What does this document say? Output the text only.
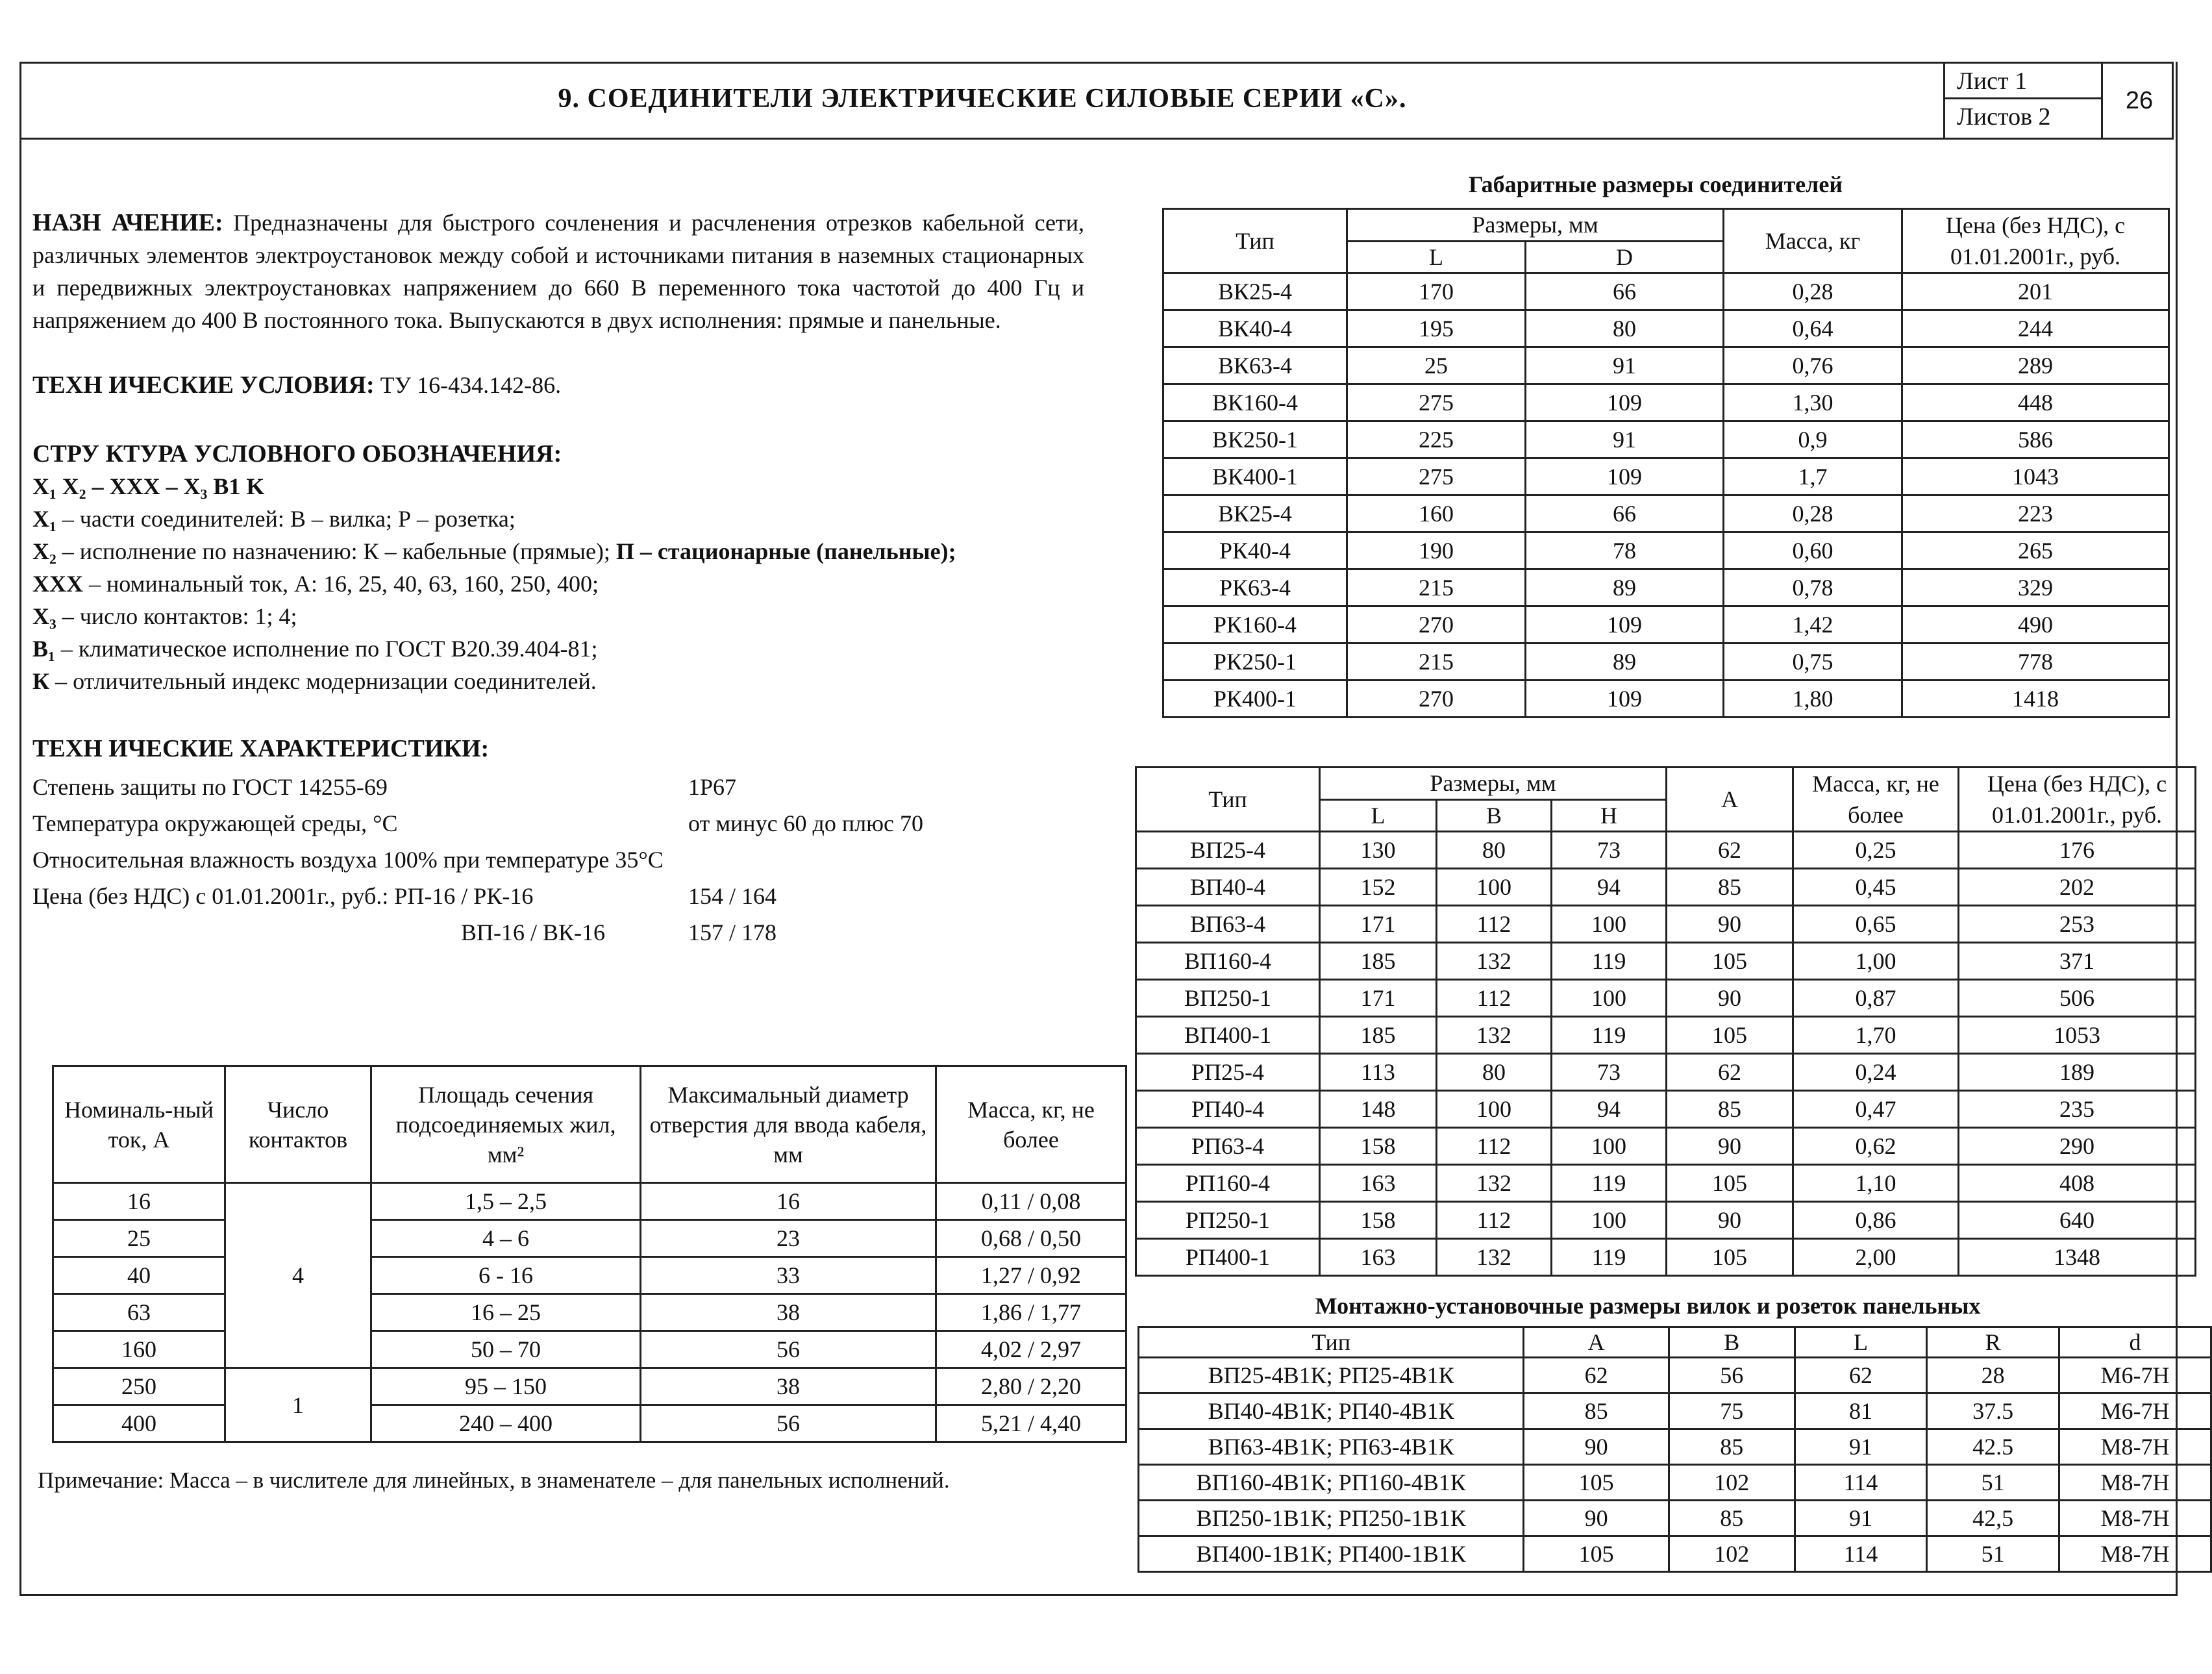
9. СОЕДИНИТЕЛИ ЭЛЕКТРИЧЕСКИЕ СИЛОВЫЕ СЕРИИ «С».
Лист 1
Листов 2
26
НАЗН АЧЕНИЕ: Предназначены для быстрого сочленения и расчленения отрезков кабельной сети, различных элементов электроустановок между собой и источниками питания в наземных стационарных и передвижных электроустановках напряжением до 660 В переменного тока частотой до 400 Гц и напряжением до 400 В постоянного тока. Выпускаются в двух исполнения: прямые и панельные.
ТЕХН ИЧЕСКИЕ УСЛОВИЯ: ТУ 16-434.142-86.
СТРУ КТУРА УСЛОВНОГО ОБОЗНАЧЕНИЯ:
X₁ X₂ – XXX – X₃ B1 K
X₁ – части соединителей: В – вилка; Р – розетка;
X₂ – исполнение по назначению: К – кабельные (прямые); П – стационарные (панельные);
XXX – номинальный ток, А: 16, 25, 40, 63, 160, 250, 400;
X₃ – число контактов: 1; 4;
B₁ – климатическое исполнение по ГОСТ В20.39.404-81;
К – отличительный индекс модернизации соединителей.
ТЕХН ИЧЕСКИЕ ХАРАКТЕРИСТИКИ:
Степень защиты по ГОСТ 14255-69	1Р67
Температура окружающей среды, °С	от минус 60 до плюс 70
Относительная влажность воздуха 100% при температуре 35°С
Цена (без НДС) с 01.01.2001г., руб.: РП-16 / РК-16	154 / 164
ВП-16 / ВК-16	157 / 178
Номиналь-ный ток, А	Число контактов	Площадь сечения подсоединяемых жил, мм²	Максимальный диаметр отверстия для ввода кабеля, мм	Масса, кг, не более
16	4	1,5 – 2,5	16	0,11 / 0,08
25		4 – 6	23	0,68 / 0,50
40		6 - 16	33	1,27 / 0,92
63		16 – 25	38	1,86 / 1,77
160		50 – 70	56	4,02 / 2,97
250	1	95 – 150	38	2,80 / 2,20
400		240 – 400	56	5,21 / 4,40
Примечание: Масса – в числителе для линейных, в знаменателе – для панельных исполнений.
Габаритные размеры соединителей
Тип	Размеры, мм		Масса, кг	Цена (без НДС), с 01.01.2001г., руб.
	L	D		
ВК25-4	170	66	0,28	201
ВК40-4	195	80	0,64	244
ВК63-4	25	91	0,76	289
ВК160-4	275	109	1,30	448
ВК250-1	225	91	0,9	586
ВК400-1	275	109	1,7	1043
ВК25-4	160	66	0,28	223
РК40-4	190	78	0,60	265
РК63-4	215	89	0,78	329
РК160-4	270	109	1,42	490
РК250-1	215	89	0,75	778
РК400-1	270	109	1,80	1418
Тип	Размеры, мм			А	Масса, кг, не более	Цена (без НДС), с 01.01.2001г., руб.
	L	В	Н			
ВП25-4	130	80	73	62	0,25	176
ВП40-4	152	100	94	85	0,45	202
ВП63-4	171	112	100	90	0,65	253
ВП160-4	185	132	119	105	1,00	371
ВП250-1	171	112	100	90	0,87	506
ВП400-1	185	132	119	105	1,70	1053
РП25-4	113	80	73	62	0,24	189
РП40-4	148	100	94	85	0,47	235
РП63-4	158	112	100	90	0,62	290
РП160-4	163	132	119	105	1,10	408
РП250-1	158	112	100	90	0,86	640
РП400-1	163	132	119	105	2,00	1348
Монтажно-установочные размеры вилок и розеток панельных
Тип	А	В	L	R	d
ВП25-4В1К; РП25-4В1К	62	56	62	28	М6-7Н
ВП40-4В1К; РП40-4В1К	85	75	81	37.5	М6-7Н
ВП63-4В1К; РП63-4В1К	90	85	91	42.5	М8-7Н
ВП160-4В1К; РП160-4В1К	105	102	114	51	М8-7Н
ВП250-1В1К; РП250-1В1К	90	85	91	42,5	М8-7Н
ВП400-1В1К; РП400-1В1К	105	102	114	51	М8-7Н
